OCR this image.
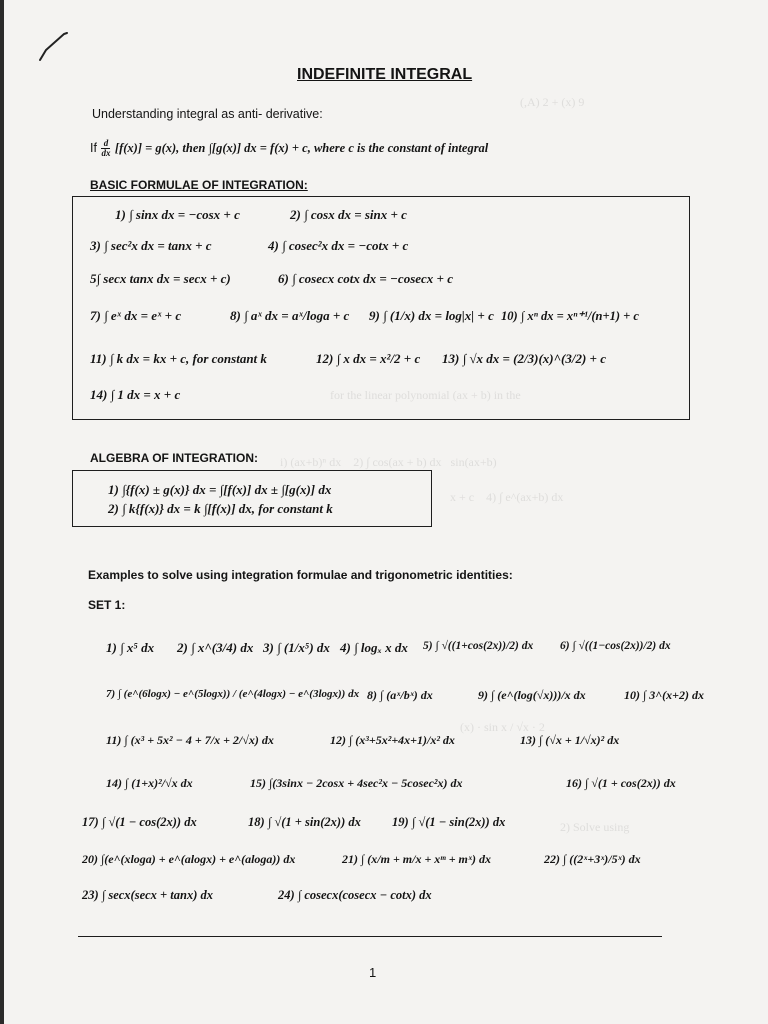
(,A) 2 + (x) 9
for the linear polynomial (ax + b) in the
i) (ax+b)ⁿ dx    2) ∫ cos(ax + b) dx   sin(ax+b)
x + c    4) ∫ e^(ax+b) dx
2) Solve using
(x) · sin x / √x · 2
INDEFINITE INTEGRAL
Understanding integral as anti- derivative:
If $\frac{d}{dx} [f(x)] = g(x)$, then ∫[g(x)] dx = f(x) + c, where c is the constant of integral
BASIC FORMULAE OF INTEGRATION:
1) ∫ sinx dx = −cosx + c	2) ∫ cosx dx = sinx + c
3) ∫ sec²x dx = tanx + c	4) ∫ cosec²x dx = −cotx + c
5∫ secx tanx dx = secx + c)	6) ∫ cosecx cotx dx = −cosecx + c
7) ∫ eˣ dx = eˣ + c	8) ∫ aˣ dx = aˣ/loga + c 9) ∫ (1/x) dx = log|x| + c 10) ∫ xⁿ dx = xⁿ⁺¹/(n+1) + c
11) ∫ k dx = kx + c, for constant k	12) ∫ x dx = x²/2 + c 13) ∫ √x dx = (2/3)(x)^(3/2) + c
14) ∫ 1 dx = x + c
ALGEBRA OF INTEGRATION:
1) ∫{f(x) ± g(x)} dx = ∫[f(x)] dx ± ∫[g(x)] dx
2) ∫ k{f(x)} dx = k ∫[f(x)] dx, for constant k
Examples to solve using integration formulae and trigonometric identities:
SET 1:
1) ∫ x⁵ dx 2) ∫ x^(3/4) dx 3) ∫ (1/x⁵) dx 4) ∫ logₓ x dx 5) ∫ √((1+cos(2x))/2) dx 6) ∫ √((1−cos(2x))/2) dx
7) ∫ (e^(6logx) − e^(5logx)) / (e^(4logx) − e^(3logx)) dx 8) ∫ (aˣ/bˣ) dx	9) ∫ (e^(log(√x)))/x dx	10) ∫ 3^(x+2) dx
11) ∫ (x³ + 5x² − 4 + 7/x + 2/√x) dx	12) ∫ (x³+5x²+4x+1)/x² dx	13) ∫ (√x + 1/√x)² dx
14) ∫ (1+x)²/√x dx	15) ∫(3sinx − 2cosx + 4sec²x − 5cosec²x) dx	16) ∫ √(1 + cos(2x)) dx
17) ∫ √(1 − cos(2x)) dx	18) ∫ √(1 + sin(2x)) dx 19) ∫ √(1 − sin(2x)) dx
20) ∫(e^(xloga) + e^(alogx) + e^(aloga)) dx	21) ∫ (x/m + m/x + xᵐ + mˣ) dx	22) ∫ ((2ˣ+3ˣ)/5ˣ) dx
23) ∫ secx(secx + tanx) dx	24) ∫ cosecx(cosecx − cotx) dx
1
